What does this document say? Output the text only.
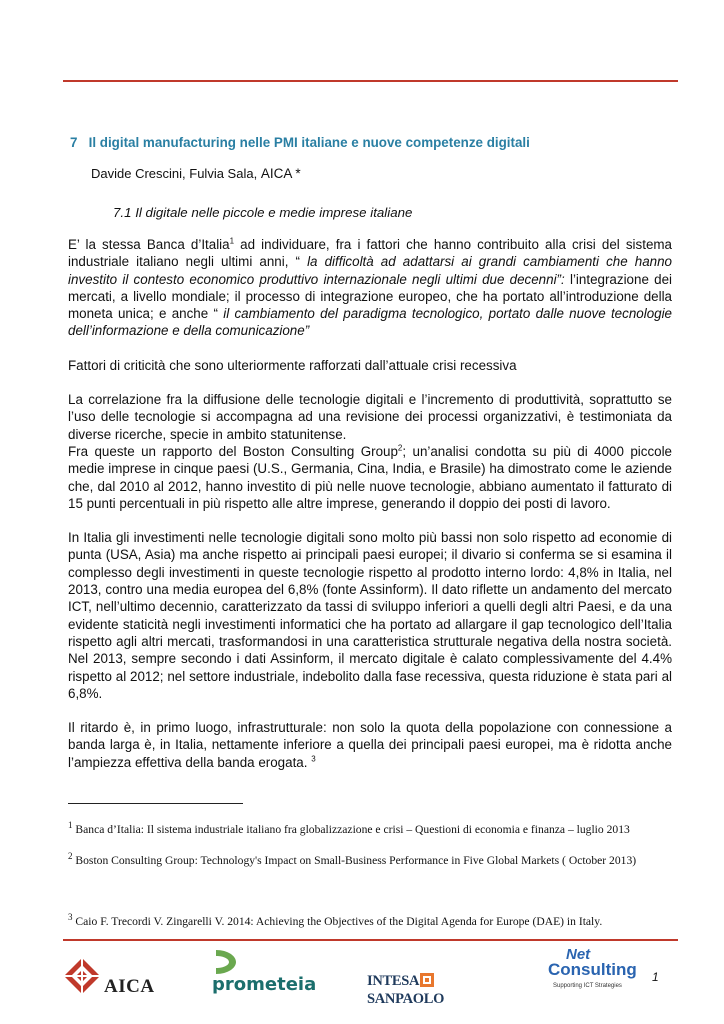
7 Il digital manufacturing nelle PMI italiane e nuove competenze digitali
Davide Crescini, Fulvia Sala, AICA *
7.1 Il digitale nelle piccole e medie imprese italiane

E’ la stessa Banca d’Italia$^1$ ad individuare, fra i fattori che hanno contribuito alla crisi del sistema industriale italiano negli ultimi anni, “ la difficoltà ad adattarsi ai grandi cambiamenti che hanno investito il contesto economico produttivo internazionale negli ultimi due decenni”: l’integrazione dei mercati, a livello mondiale; il processo di integrazione europeo, che ha portato all’introduzione della moneta unica; e anche “ il cambiamento del paradigma tecnologico, portato dalle nuove tecnologie dell’informazione e della comunicazione”

Fattori di criticità che sono ulteriormente rafforzati dall’attuale crisi recessiva

La correlazione fra la diffusione delle tecnologie digitali e l’incremento di produttività, soprattutto se l’uso delle tecnologie si accompagna ad una revisione dei processi organizzativi, è testimoniata da diverse ricerche, specie in ambito statunitense.

Fra queste un rapporto del Boston Consulting Group$^2$; un’analisi condotta su più di 4000 piccole medie imprese in cinque paesi (U.S., Germania, Cina, India, e Brasile) ha dimostrato come le aziende che, dal 2010 al 2012, hanno investito di più nelle nuove tecnologie, abbiano aumentato il fatturato di 15 punti percentuali in più rispetto alle altre imprese, generando il doppio dei posti di lavoro.

In Italia gli investimenti nelle tecnologie digitali sono molto più bassi non solo rispetto ad economie di punta (USA, Asia) ma anche rispetto ai principali paesi europei; il divario si conferma se si esamina il complesso degli investimenti in queste tecnologie rispetto al prodotto interno lordo: 4,8% in Italia, nel 2013, contro una media europea del 6,8% (fonte Assinform). Il dato riflette un andamento del mercato ICT, nell’ultimo decennio, caratterizzato da tassi di sviluppo inferiori a quelli degli altri Paesi, e da una evidente staticità negli investimenti informatici che ha portato ad allargare il gap tecnologico dell’Italia rispetto agli altri mercati, trasformandosi in una caratteristica strutturale negativa della nostra società. Nel 2013, sempre secondo i dati Assinform, il mercato digitale è calato complessivamente del 4.4% rispetto al 2012; nel settore industriale, indebolito dalla fase recessiva, questa riduzione è stata pari al 6,8%.

Il ritardo è, in primo luogo, infrastrutturale: non solo la quota della popolazione con connessione a banda larga è, in Italia, nettamente inferiore a quella dei principali paesi europei, ma è ridotta anche l’ampiezza effettiva della banda erogata. $^3$

$^1$ Banca d’Italia: Il sistema industriale italiano fra globalizzazione e crisi – Questioni di economia e finanza – luglio 2013
$^2$ Boston Consulting Group: Technology's Impact on Small-Business Performance in Five Global Markets ( October 2013)
$^3$ Caio F. Trecordi V. Zingarelli V. 2014: Achieving the Objectives of the Digital Agenda for Europe (DAE) in Italy.
AICA	prometeia	INTESASANPAOLO
Net
Consulting
Supporting ICT Strategies
1
